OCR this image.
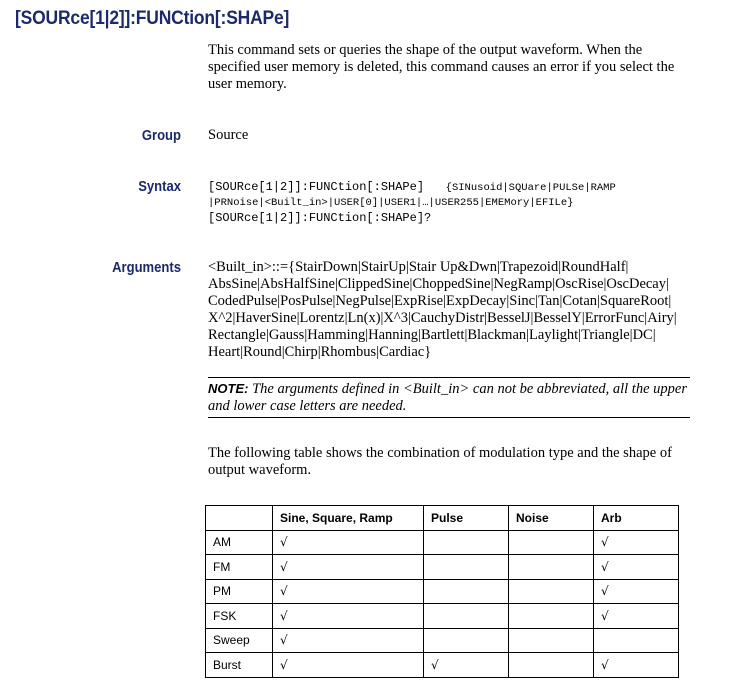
[SOURce[1|2]]:FUNCtion[:SHAPe]
This command sets or queries the shape of the output waveform. When the specified user memory is deleted, this command causes an error if you select the user memory.
Group Source
Syntax [SOURce[1|2]]:FUNCtion[:SHAPe] {SINusoid|SQUare|PULSe|RAMP
|PRNoise|<Built_in>|USER[0]|USER1|…|USER255|EMEMory|EFILe}
[SOURce[1|2]]:FUNCtion[:SHAPe]?
Arguments <Built_in>::={StairDown|StairUp|Stair Up&Dwn|Trapezoid|RoundHalf| AbsSine|AbsHalfSine|ClippedSine|ChoppedSine|NegRamp|OscRise|OscDecay| CodedPulse|PosPulse|NegPulse|ExpRise|ExpDecay|Sinc|Tan|Cotan|SquareRoot| X^2|HaverSine|Lorentz|Ln(x)|X^3|CauchyDistr|BesselJ|BesselY|ErrorFunc|Airy| Rectangle|Gauss|Hamming|Hanning|Bartlett|Blackman|Laylight|Triangle|DC| Heart|Round|Chirp|Rhombus|Cardiac}
NOTE: The arguments defined in <Built_in> can not be abbreviated, all the upper and lower case letters are needed.
The following table shows the combination of modulation type and the shape of output waveform.
	Sine, Square, Ramp	Pulse	Noise	Arb
AM	√			√
FM	√			√
PM	√			√
FSK	√			√
Sweep	√			
Burst	√	√		√
